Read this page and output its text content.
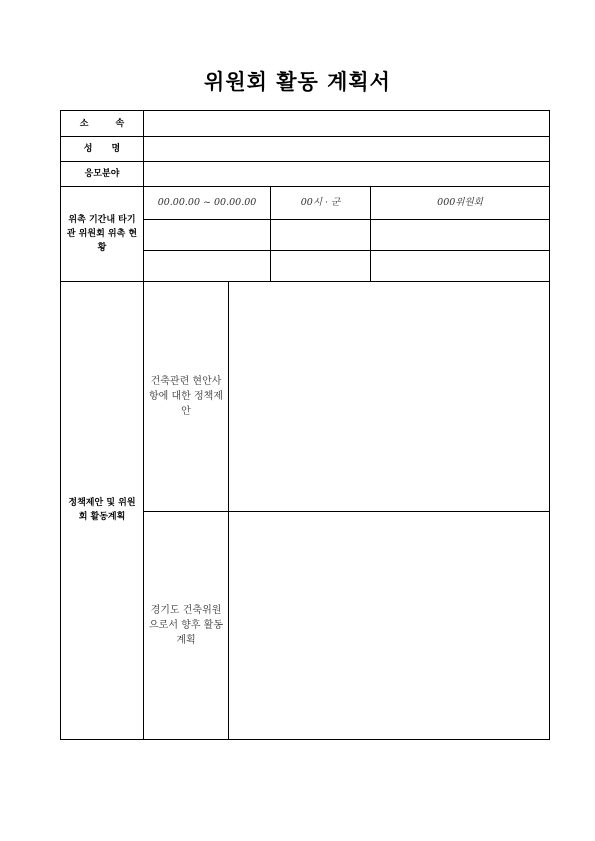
위원회 활동 계획서
소 속
성 명
응모분야
위촉 기간내 타기관 위원회 위촉 현황
정책제안 및 위원회 활동계획
00.00.00 ~ 00.00.00	00시 · 군	000위원회
건축관련 현안사항에 대한 정책제안
경기도 건축위원으로서 향후 활동계획
